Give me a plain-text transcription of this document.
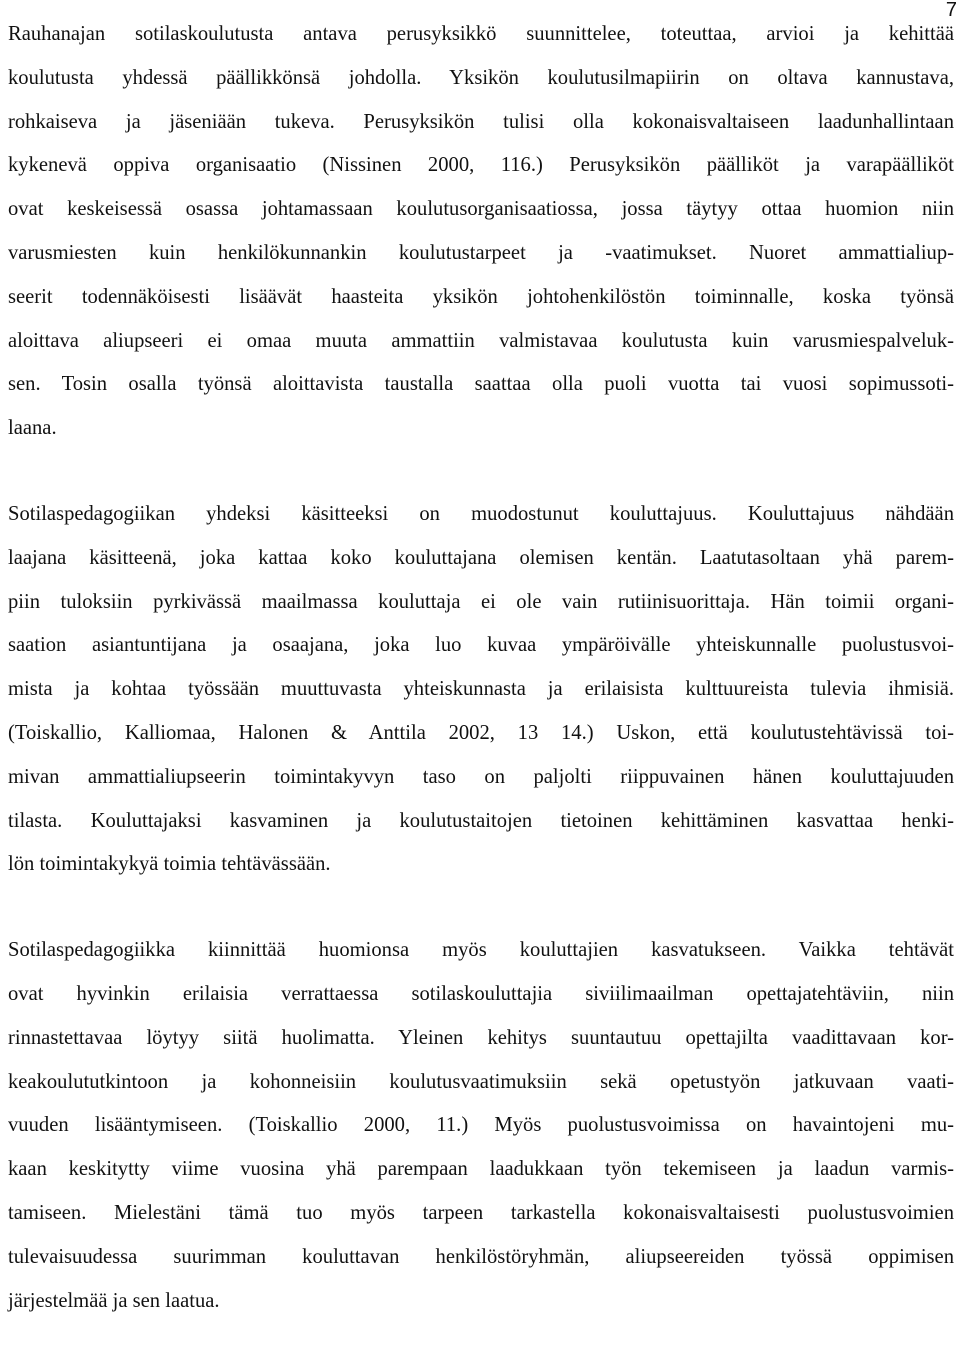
7
Rauhanajan sotilaskoulutusta antava perusyksikkö suunnittelee, toteuttaa, arvioi ja kehittää
koulutusta yhdessä päällikkönsä johdolla. Yksikön koulutusilmapiirin on oltava kannustava,
rohkaiseva ja jäseniään tukeva. Perusyksikön tulisi olla kokonaisvaltaiseen laadunhallintaan
kykenevä oppiva organisaatio (Nissinen 2000, 116.) Perusyksikön päälliköt ja varapäälliköt
ovat keskeisessä osassa johtamassaan koulutusorganisaatiossa, jossa täytyy ottaa huomion niin
varusmiesten kuin henkilökunnankin koulutustarpeet ja -vaatimukset. Nuoret ammattialiup-
seerit todennäköisesti lisäävät haasteita yksikön johtohenkilöstön toiminnalle, koska työnsä
aloittava aliupseeri ei omaa muuta ammattiin valmistavaa koulutusta kuin varusmiespalveluk-
sen. Tosin osalla työnsä aloittavista taustalla saattaa olla puoli vuotta tai vuosi sopimussoti-
laana.
Sotilaspedagogiikan yhdeksi käsitteeksi on muodostunut kouluttajuus. Kouluttajuus nähdään
laajana käsitteenä, joka kattaa koko kouluttajana olemisen kentän. Laatutasoltaan yhä parem-
piin tuloksiin pyrkivässä maailmassa kouluttaja ei ole vain rutiinisuorittaja. Hän toimii organi-
saation asiantuntijana ja osaajana, joka luo kuvaa ympäröivälle yhteiskunnalle puolustusvoi-
mista ja kohtaa työssään muuttuvasta yhteiskunnasta ja erilaisista kulttuureista tulevia ihmisiä.
(Toiskallio, Kalliomaa, Halonen & Anttila 2002, 13 14.) Uskon, että koulutustehtävissä toi-
mivan ammattialiupseerin toimintakyvyn taso on paljolti riippuvainen hänen kouluttajuuden
tilasta. Kouluttajaksi kasvaminen ja koulutustaitojen tietoinen kehittäminen kasvattaa henki-
lön toimintakykyä toimia tehtävässään.
Sotilaspedagogiikka kiinnittää huomionsa myös kouluttajien kasvatukseen. Vaikka tehtävät
ovat hyvinkin erilaisia verrattaessa sotilaskouluttajia siviilimaailman opettajatehtäviin, niin
rinnastettavaa löytyy siitä huolimatta. Yleinen kehitys suuntautuu opettajilta vaadittavaan kor-
keakoulututkintoon ja kohonneisiin koulutusvaatimuksiin sekä opetustyön jatkuvaan vaati-
vuuden lisääntymiseen. (Toiskallio 2000, 11.) Myös puolustusvoimissa on havaintojeni mu-
kaan keskitytty viime vuosina yhä parempaan laadukkaan työn tekemiseen ja laadun varmis-
tamiseen. Mielestäni tämä tuo myös tarpeen tarkastella kokonaisvaltaisesti puolustusvoimien
tulevaisuudessa suurimman kouluttavan henkilöstöryhmän, aliupseereiden työssä oppimisen
järjestelmää ja sen laatua.
